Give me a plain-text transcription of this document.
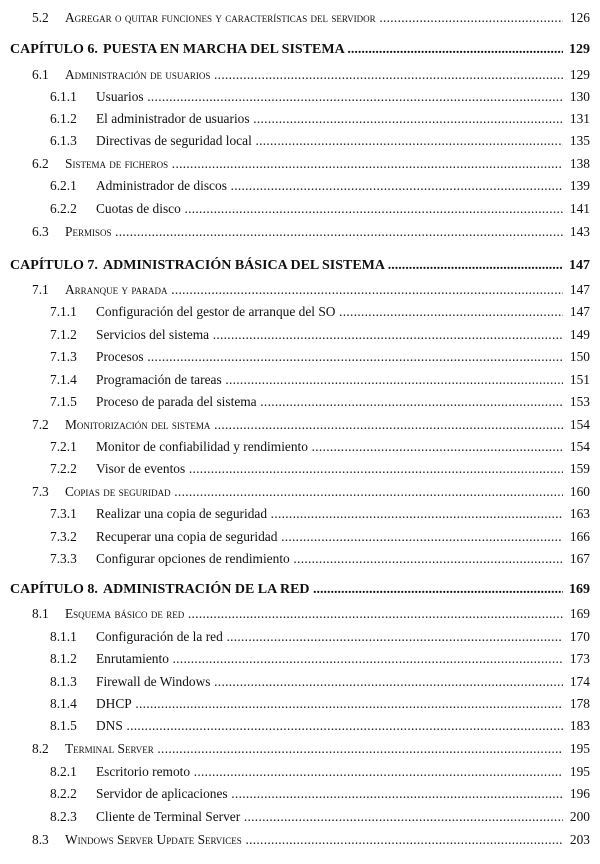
5.2 Agregar o quitar funciones y características del servidor .....	126
CAPÍTULO 6. PUESTA EN MARCHA DEL SISTEMA .....	129
6.1 Administración de usuarios .....	129
6.1.1 Usuarios .....	130
6.1.2 El administrador de usuarios .....	131
6.1.3 Directivas de seguridad local .....	135
6.2 Sistema de ficheros .....	138
6.2.1 Administrador de discos .....	139
6.2.2 Cuotas de disco .....	141
6.3 Permisos .....	143
CAPÍTULO 7. ADMINISTRACIÓN BÁSICA DEL SISTEMA .....	147
7.1 Arranque y parada .....	147
7.1.1 Configuración del gestor de arranque del SO .....	147
7.1.2 Servicios del sistema .....	149
7.1.3 Procesos .....	150
7.1.4 Programación de tareas .....	151
7.1.5 Proceso de parada del sistema .....	153
7.2 Monitorización del sistema .....	154
7.2.1 Monitor de confiabilidad y rendimiento .....	154
7.2.2 Visor de eventos .....	159
7.3 Copias de seguridad .....	160
7.3.1 Realizar una copia de seguridad .....	163
7.3.2 Recuperar una copia de seguridad .....	166
7.3.3 Configurar opciones de rendimiento .....	167
CAPÍTULO 8. ADMINISTRACIÓN DE LA RED .....	169
8.1 Esquema básico de red .....	169
8.1.1 Configuración de la red .....	170
8.1.2 Enrutamiento .....	173
8.1.3 Firewall de Windows .....	174
8.1.4 DHCP .....	178
8.1.5 DNS .....	183
8.2 Terminal Server .....	195
8.2.1 Escritorio remoto .....	195
8.2.2 Servidor de aplicaciones .....	196
8.2.3 Cliente de Terminal Server .....	200
8.3 Windows Server Update Services .....	203
